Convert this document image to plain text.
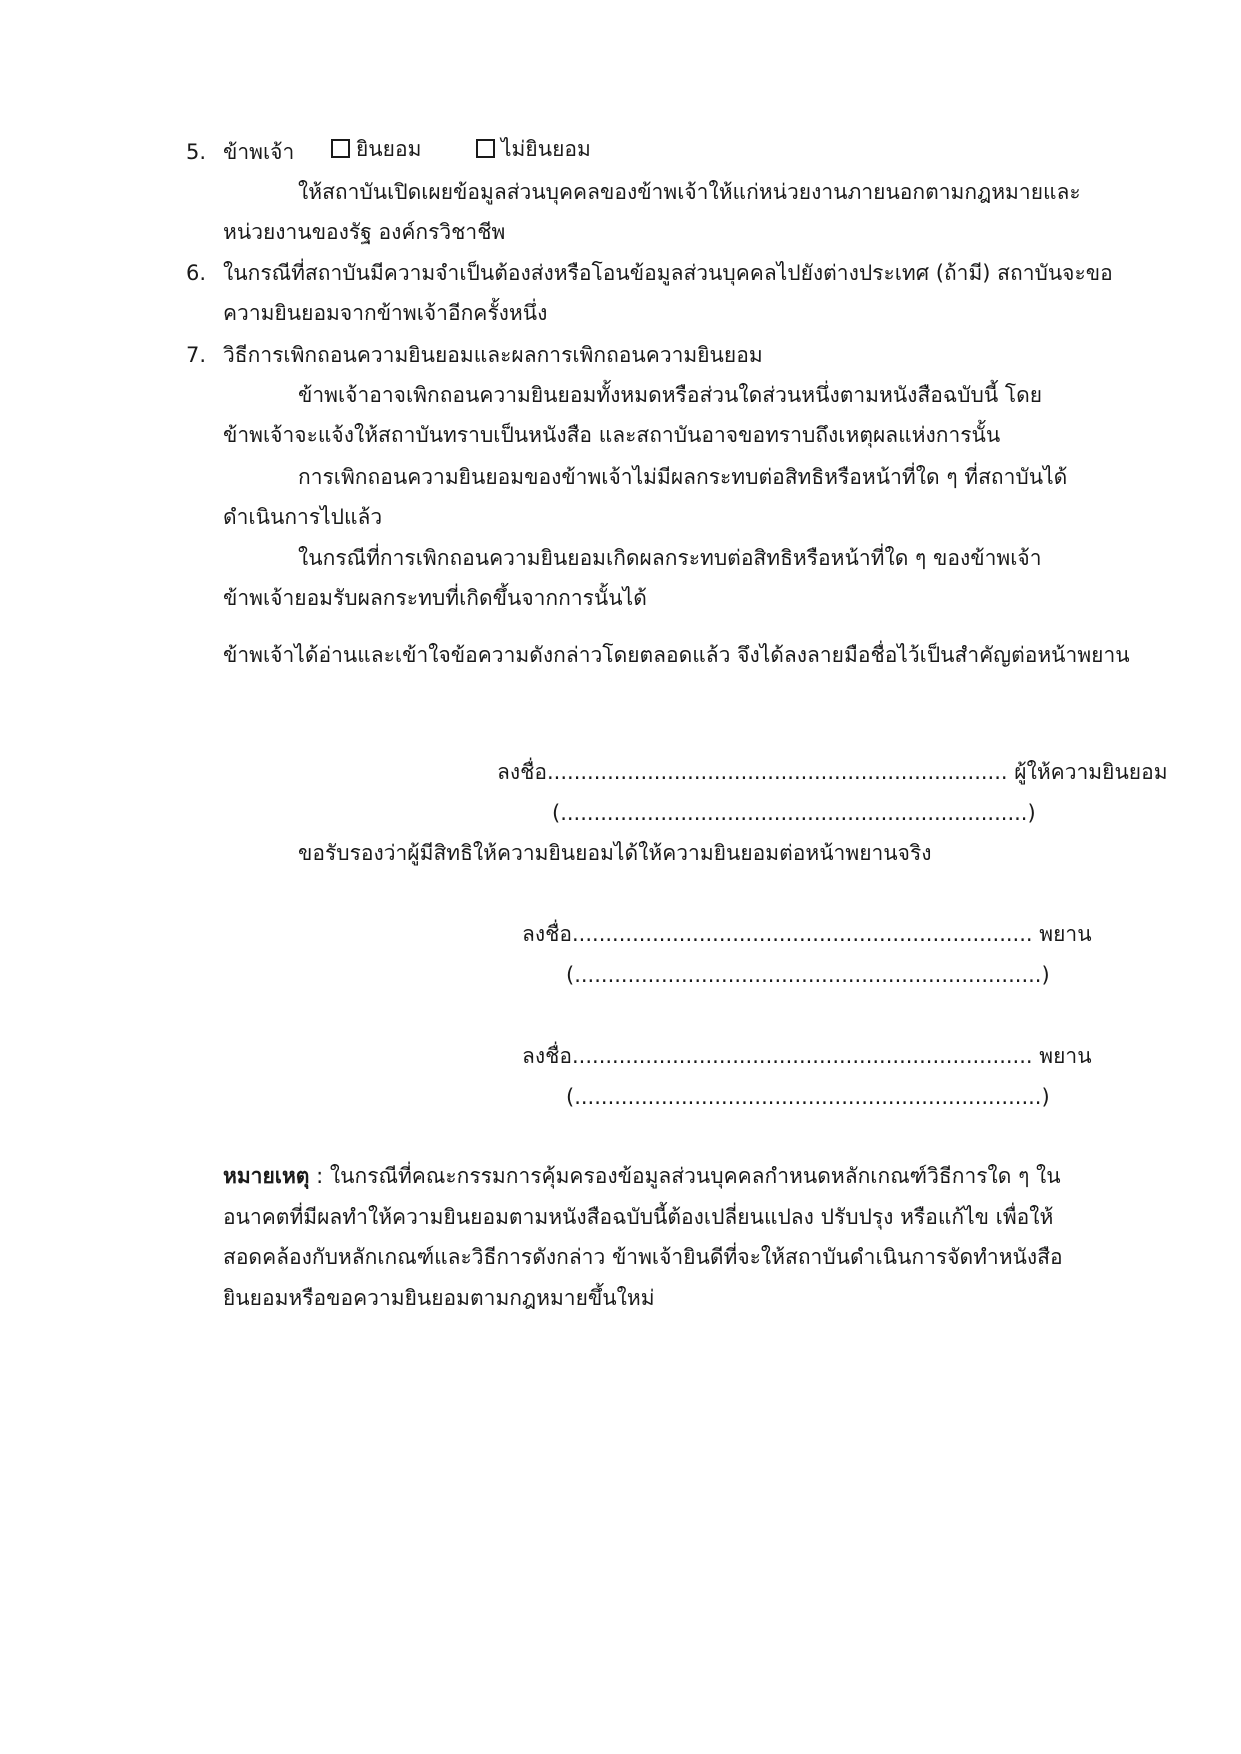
5. ข้าพเจ้า	ยินยอม	ไม่ยินยอม
ให้สถาบันเปิดเผยข้อมูลส่วนบุคคลของข้าพเจ้าให้แก่หน่วยงานภายนอกตามกฎหมายและ
หน่วยงานของรัฐ องค์กรวิชาชีพ
6. ในกรณีที่สถาบันมีความจำเป็นต้องส่งหรือโอนข้อมูลส่วนบุคคลไปยังต่างประเทศ (ถ้ามี) สถาบันจะขอ
ความยินยอมจากข้าพเจ้าอีกครั้งหนึ่ง
7. วิธีการเพิกถอนความยินยอมและผลการเพิกถอนความยินยอม
ข้าพเจ้าอาจเพิกถอนความยินยอมทั้งหมดหรือส่วนใดส่วนหนึ่งตามหนังสือฉบับนี้ โดย
ข้าพเจ้าจะแจ้งให้สถาบันทราบเป็นหนังสือ และสถาบันอาจขอทราบถึงเหตุผลแห่งการนั้น
การเพิกถอนความยินยอมของข้าพเจ้าไม่มีผลกระทบต่อสิทธิหรือหน้าที่ใด ๆ ที่สถาบันได้
ดำเนินการไปแล้ว
ในกรณีที่การเพิกถอนความยินยอมเกิดผลกระทบต่อสิทธิหรือหน้าที่ใด ๆ ของข้าพเจ้า
ข้าพเจ้ายอมรับผลกระทบที่เกิดขึ้นจากการนั้นได้
ข้าพเจ้าได้อ่านและเข้าใจข้อความดังกล่าวโดยตลอดแล้ว จึงได้ลงลายมือชื่อไว้เป็นสำคัญต่อหน้าพยาน
ลงชื่อ..................................................................... ผู้ให้ความยินยอม
(......................................................................)
ขอรับรองว่าผู้มีสิทธิให้ความยินยอมได้ให้ความยินยอมต่อหน้าพยานจริง
ลงชื่อ..................................................................... พยาน
(......................................................................)
ลงชื่อ..................................................................... พยาน
(......................................................................)
หมายเหตุ : ในกรณีที่คณะกรรมการคุ้มครองข้อมูลส่วนบุคคลกำหนดหลักเกณฑ์วิธีการใด ๆ ใน
อนาคตที่มีผลทำให้ความยินยอมตามหนังสือฉบับนี้ต้องเปลี่ยนแปลง ปรับปรุง หรือแก้ไข เพื่อให้
สอดคล้องกับหลักเกณฑ์และวิธีการดังกล่าว ข้าพเจ้ายินดีที่จะให้สถาบันดำเนินการจัดทำหนังสือ
ยินยอมหรือขอความยินยอมตามกฎหมายขึ้นใหม่
